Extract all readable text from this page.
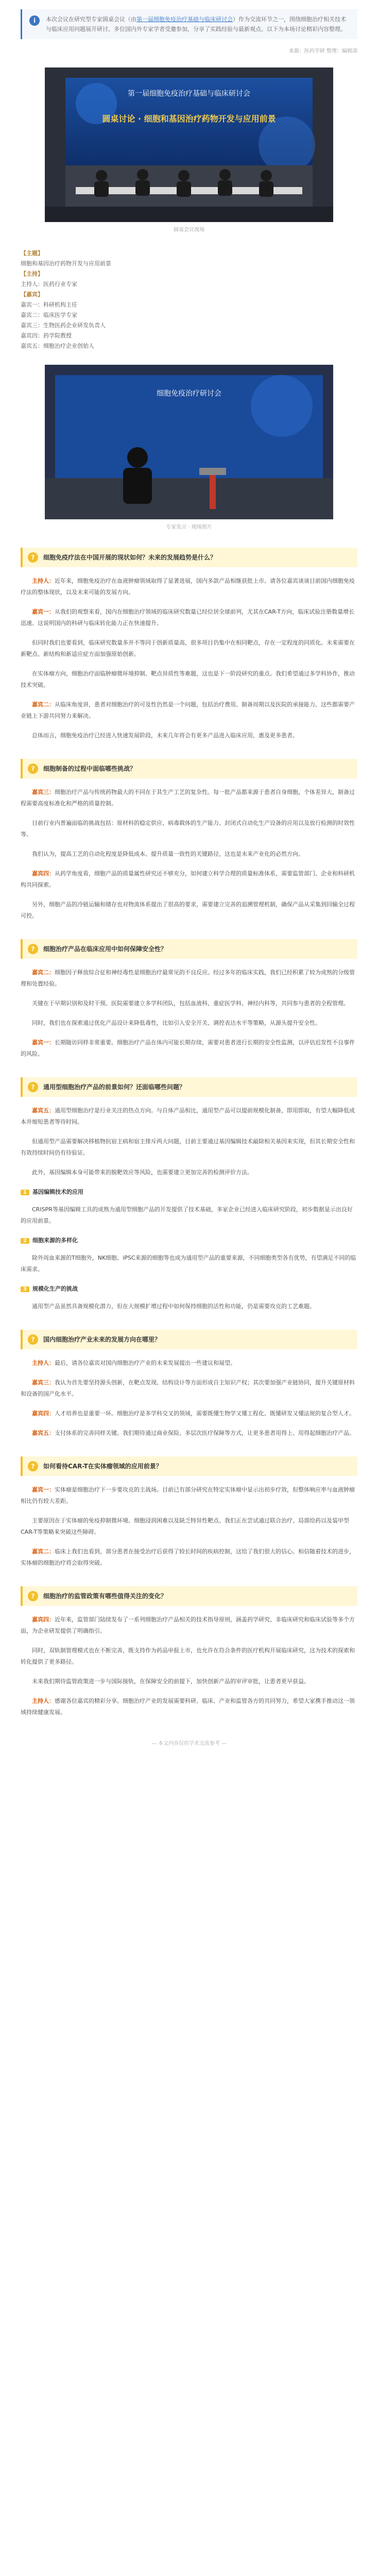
i	本次会议在研究型专家圆桌会议（由第一届细胞免疫治疗基础与临床研讨会）作为交流环节之一，围绕细胞治疗相关技术与临床应用问题展开研讨。多位国内外专家学者受邀参加，分享了实践经验与最新观点。以下为本场讨论精彩内容整理。
来源：医药学研 整理：编辑部
第一届细胞免疫治疗基础与临床研讨会
圆桌讨论 · 细胞和基因治疗药物开发与应用前景
圆桌会议现场
【主题】
细胞和基因治疗药物开发与应用前景
【主持】
主持人：医药行业专家
【嘉宾】
嘉宾一：科研机构主任
嘉宾二：临床医学专家
嘉宾三：生物医药企业研发负责人
嘉宾四：药学院教授
嘉宾五：细胞治疗企业创始人
细胞免疫治疗研讨会
专家发言 · 现场照片
?	细胞免疫疗法在中国开展的现状如何？未来的发展趋势是什么？

主持人：近年来，细胞免疫治疗在血液肿瘤领域取得了显著进展，国内多款产品相继获批上市。请各位嘉宾谈谈目前国内细胞免疫疗法的整体现状，以及未来可能的发展方向。

嘉宾一：从我们的观察来看，国内在细胞治疗领域的临床研究数量已经位居全球前列，尤其在CAR-T方向，临床试验注册数量增长迅速。这说明国内的科研与临床转化能力正在快速提升。

但同时我们也要看到，临床研究数量多并不等同于创新质量高，很多项目仍集中在相同靶点，存在一定程度的同质化。未来需要在新靶点、新结构和新适应症方面加强原始创新。

在实体瘤方向，细胞治疗面临肿瘤微环境抑制、靶点异质性等难题，这也是下一阶段研究的重点。我们希望通过多学科协作，推动技术突破。

嘉宾二：从临床角度讲，患者对细胞治疗的可及性仍然是一个问题，包括治疗费用、制备周期以及医院的承接能力。这些都需要产业链上下游共同努力来解决。

总体而言，细胞免疫治疗已经进入快速发展阶段，未来几年将会有更多产品进入临床应用，惠及更多患者。

?	细胞制备的过程中面临哪些挑战？

嘉宾三：细胞治疗产品与传统药物最大的不同在于其生产工艺的复杂性。每一批产品都来源于患者自身细胞，个体差异大，制备过程需要高度标准化和严格的质量控制。

目前行业内普遍面临的挑战包括：原材料的稳定供应、病毒载体的生产能力、封闭式自动化生产设备的应用以及放行检测的时效性等。

我们认为，提高工艺的自动化程度是降低成本、提升质量一致性的关键路径，这也是未来产业化的必然方向。

嘉宾四：从药学角度看，细胞产品的质量属性研究还不够充分，如何建立科学合理的质量标准体系，需要监管部门、企业和科研机构共同探索。

另外，细胞产品的冷链运输和储存也对物流体系提出了很高的要求，需要建立完善的追溯管理机制，确保产品从采集到回输全过程可控。

?	细胞治疗产品在临床应用中如何保障安全性？

嘉宾二：细胞因子释放综合征和神经毒性是细胞治疗最常见的不良反应。经过多年的临床实践，我们已经积累了较为成熟的分级管理和处置经验。

关键在于早期识别和及时干预。医院需要建立多学科团队，包括血液科、重症医学科、神经内科等，共同参与患者的全程管理。

同时，我们也在探索通过优化产品设计来降低毒性，比如引入安全开关、调控表达水平等策略，从源头提升安全性。

嘉宾一：长期随访同样非常重要。细胞治疗产品在体内可能长期存续，需要对患者进行长期的安全性监测，以评估迟发性不良事件的风险。

?	通用型细胞治疗产品的前景如何？还面临哪些问题？

嘉宾五：通用型细胞治疗是行业关注的热点方向。与自体产品相比，通用型产品可以提前规模化制备，即用即取，有望大幅降低成本并缩短患者等待时间。

但通用型产品需要解决移植物抗宿主病和宿主排斥两大问题，目前主要通过基因编辑技术敲除相关基因来实现，但其长期安全性和有效持续时间仍有待验证。

此外，基因编辑本身可能带来的脱靶效应等风险，也需要建立更加完善的检测评价方法。

1 基因编辑技术的应用

CRISPR等基因编辑工具的成熟为通用型细胞产品的开发提供了技术基础，多家企业已经进入临床研究阶段，初步数据显示出良好的应用前景。

2 细胞来源的多样化

除外周血来源的T细胞外，NK细胞、iPSC来源的细胞等也成为通用型产品的重要来源，不同细胞类型各有优势，有望满足不同的临床需求。

3 规模化生产的挑战

通用型产品虽然具备规模化潜力，但在大规模扩增过程中如何保持细胞的活性和功能，仍是需要攻克的工艺难题。

?	国内细胞治疗产业未来的发展方向在哪里？

主持人：最后，请各位嘉宾对国内细胞治疗产业的未来发展提出一些建议和展望。

嘉宾三：我认为首先要坚持源头创新，在靶点发现、结构设计等方面形成自主知识产权；其次要加强产业链协同，提升关键原材料和设备的国产化水平。

嘉宾四：人才培养也是重要一环。细胞治疗是多学科交叉的领域，需要既懂生物学又懂工程化、既懂研发又懂法规的复合型人才。

嘉宾五：支付体系的完善同样关键。我们期待通过商业保险、多层次医疗保障等方式，让更多患者用得上、用得起细胞治疗产品。

?	如何看待CAR-T在实体瘤领域的应用前景？

嘉宾一：实体瘤是细胞治疗下一步要攻克的主战场。目前已有部分研究在特定实体瘤中显示出初步疗效，但整体响应率与血液肿瘤相比仍有较大差距。

主要原因在于实体瘤的免疫抑制微环境、细胞浸润困难以及缺乏特异性靶点。我们正在尝试通过联合治疗、局部给药以及装甲型CAR-T等策略来突破这些障碍。

嘉宾二：临床上我们也看到，部分患者在接受治疗后获得了较长时间的疾病控制，这给了我们很大的信心。相信随着技术的进步，实体瘤的细胞治疗将会取得突破。

?	细胞治疗的监管政策有哪些值得关注的变化？

嘉宾四：近年来，监管部门陆续发布了一系列细胞治疗产品相关的技术指导原则，涵盖药学研究、非临床研究和临床试验等多个方面，为企业研发提供了明确指引。

同时，双轨制管理模式也在不断完善，既支持作为药品申报上市，也允许在符合条件的医疗机构开展临床研究，这为技术的探索和转化提供了更多路径。

未来我们期待监管政策进一步与国际接轨，在保障安全的前提下，加快创新产品的审评审批，让患者更早获益。

主持人：感谢各位嘉宾的精彩分享。细胞治疗产业的发展需要科研、临床、产业和监管各方的共同努力，希望大家携手推动这一领域持续健康发展。

— 本文内容仅供学术交流参考 —
